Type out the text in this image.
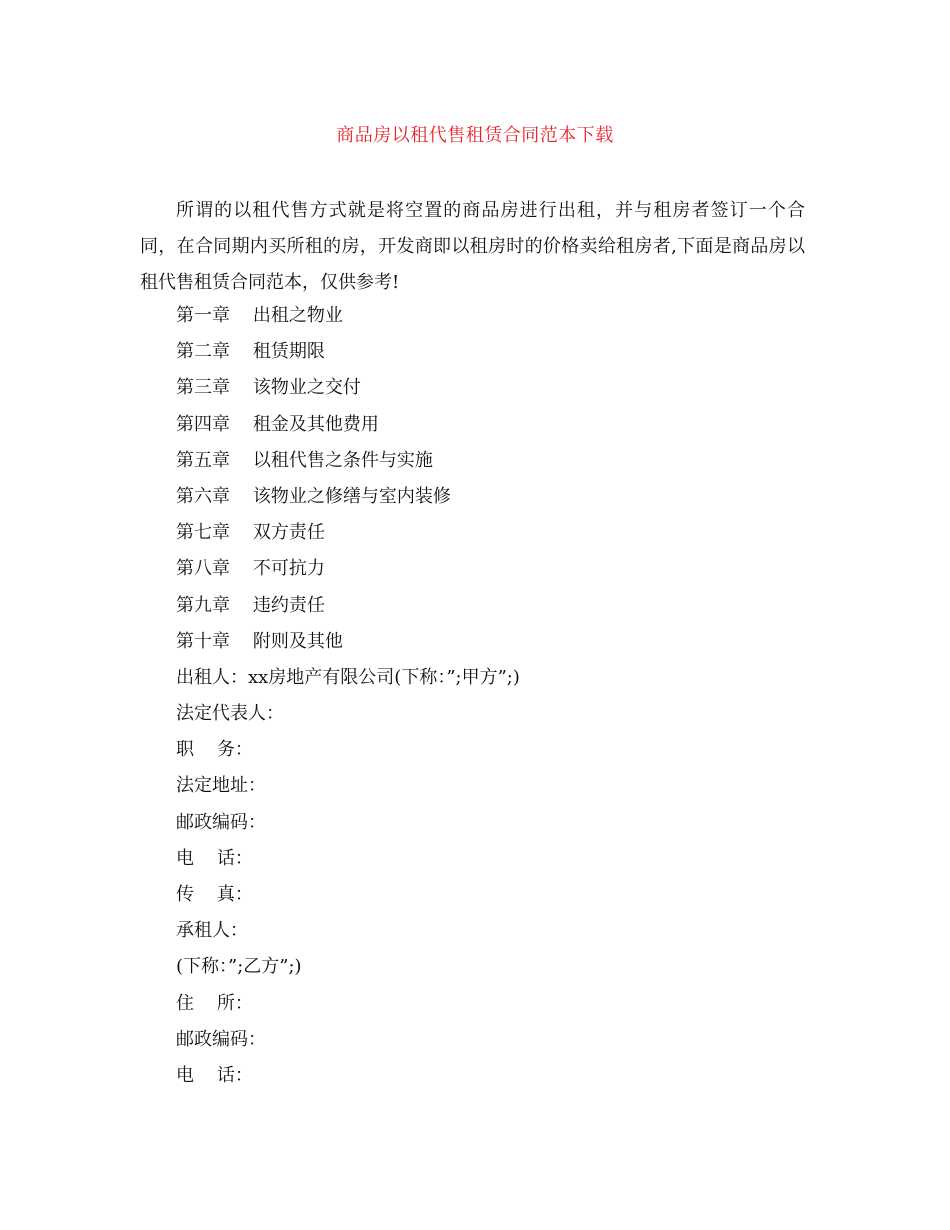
商品房以租代售租赁合同范本下载

所谓的以租代售方式就是将空置的商品房进行出租，并与租房者签订一个合同，在合同期内买所租的房，开发商即以租房时的价格卖给租房者,下面是商品房以租代售租赁合同范本，仅供参考!

第一章    出租之物业
第二章    租赁期限
第三章    该物业之交付
第四章    租金及其他费用
第五章    以租代售之条件与实施
第六章    该物业之修缮与室内装修
第七章    双方责任
第八章    不可抗力
第九章    违约责任
第十章    附则及其他
出租人：xx房地产有限公司(下称：”;甲方”;)
法定代表人：
职    务：
法定地址：
邮政编码：
电    话：
传    真：
承租人：
(下称：”;乙方”;)
住    所：
邮政编码：
电    话：
